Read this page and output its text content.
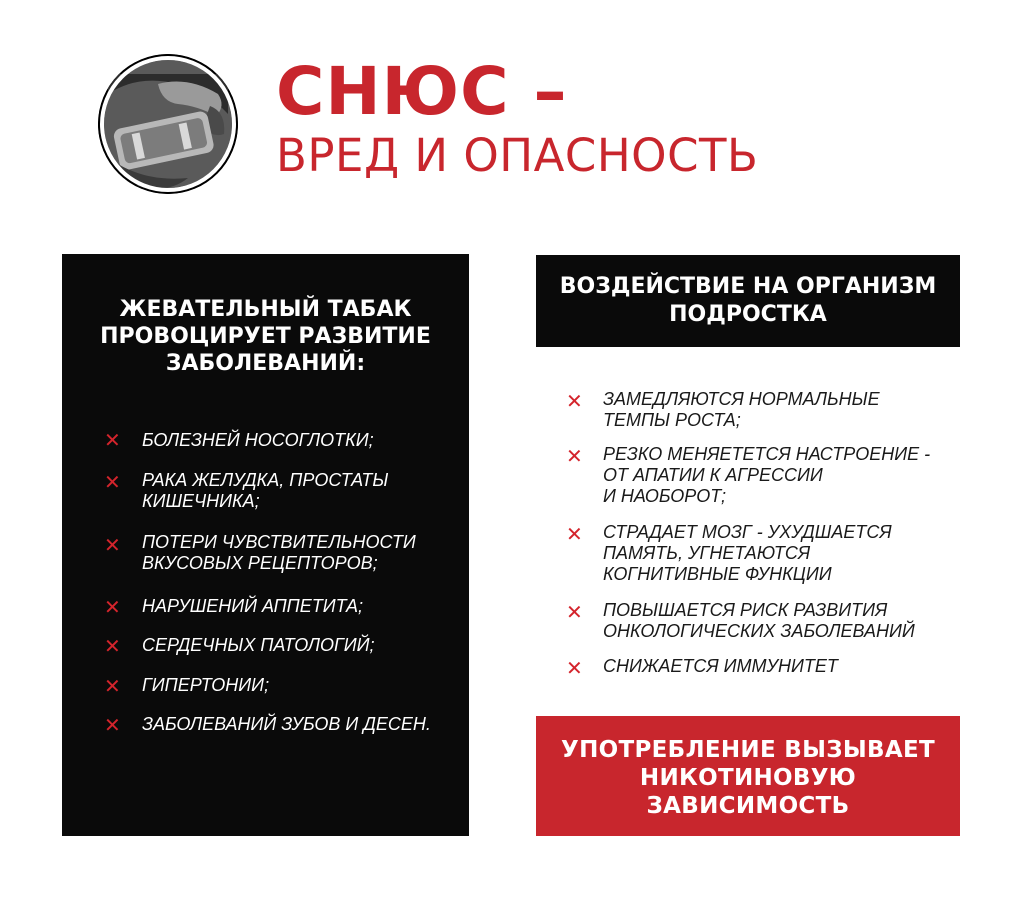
СНЮС –
ВРЕД И ОПАСНОСТЬ
ЖЕВАТЕЛЬНЫЙ ТАБАК
ПРОВОЦИРУЕТ РАЗВИТИЕ
ЗАБОЛЕВАНИЙ:
✕ БОЛЕЗНЕЙ НОСОГЛОТКИ;
✕ РАКА ЖЕЛУДКА, ПРОСТАТЫ
КИШЕЧНИКА;
✕ ПОТЕРИ ЧУВСТВИТЕЛЬНОСТИ
ВКУСОВЫХ РЕЦЕПТОРОВ;
✕ НАРУШЕНИЙ АППЕТИТА;
✕ СЕРДЕЧНЫХ ПАТОЛОГИЙ;
✕ ГИПЕРТОНИИ;
✕ ЗАБОЛЕВАНИЙ ЗУБОВ И ДЕСЕН.
ВОЗДЕЙСТВИЕ НА ОРГАНИЗМ
ПОДРОСТКА
✕ ЗАМЕДЛЯЮТСЯ НОРМАЛЬНЫЕ
ТЕМПЫ РОСТА;
✕ РЕЗКО МЕНЯЕТЕТСЯ НАСТРОЕНИЕ -
ОТ АПАТИИ К АГРЕССИИ
И НАОБОРОТ;
✕ СТРАДАЕТ МОЗГ - УХУДШАЕТСЯ
ПАМЯТЬ, УГНЕТАЮТСЯ
КОГНИТИВНЫЕ ФУНКЦИИ
✕ ПОВЫШАЕТСЯ РИСК РАЗВИТИЯ
ОНКОЛОГИЧЕСКИХ ЗАБОЛЕВАНИЙ
✕ СНИЖАЕТСЯ ИММУНИТЕТ
УПОТРЕБЛЕНИЕ ВЫЗЫВАЕТ
НИКОТИНОВУЮ
ЗАВИСИМОСТЬ
